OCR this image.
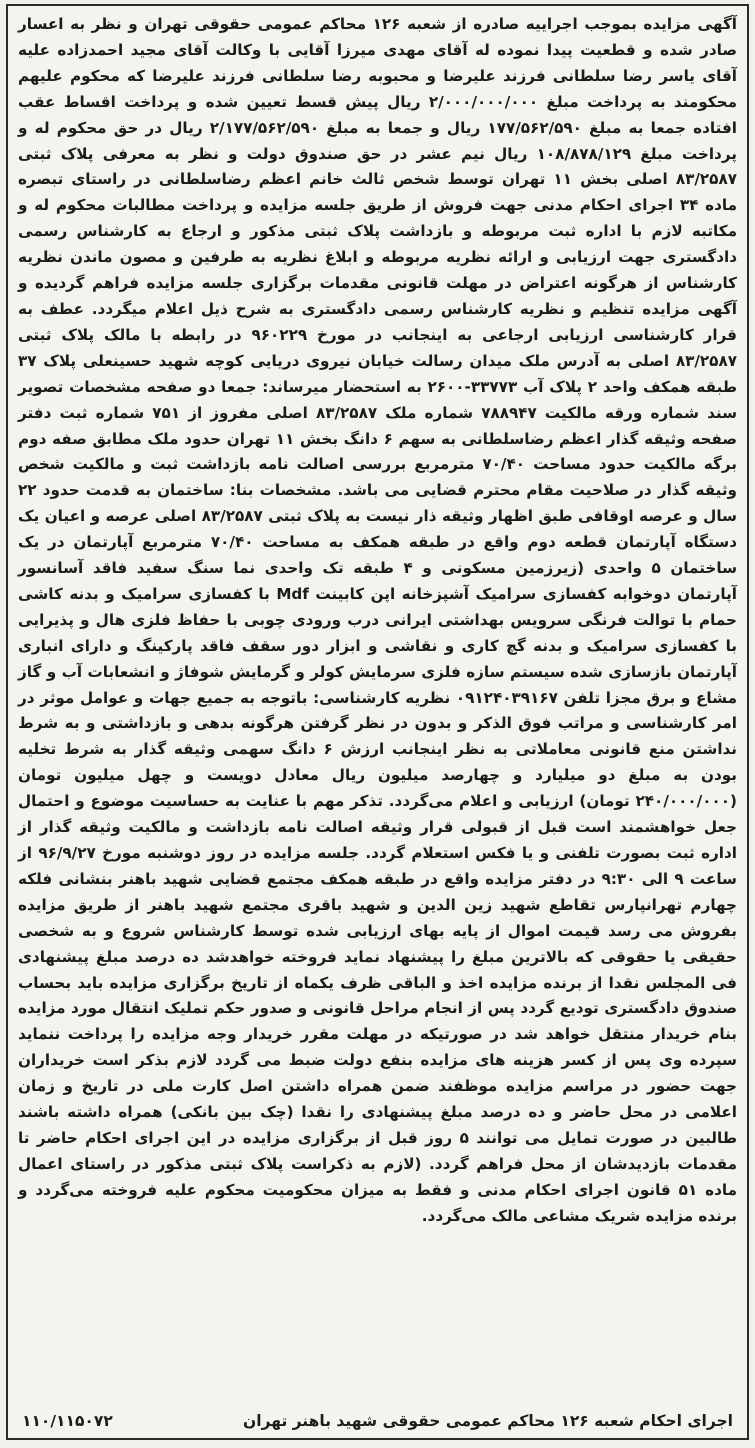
آگهی مزایده بموجب اجراییه صادره از شعبه ۱۲۶ محاکم عمومی حقوقی تهران و نظر به اعسار صادر شده و قطعیت پیدا نموده له آقای مهدی میرزا آقایی با وکالت آقای مجید احمدزاده علیه آقای یاسر رضا سلطانی فرزند علیرضا و محبوبه رضا سلطانی فرزند علیرضا که محکوم علیهم محکومند به پرداخت مبلغ ۲/۰۰۰/۰۰۰/۰۰۰ ریال پیش قسط تعیین شده و پرداخت اقساط عقب افتاده جمعا به مبلغ ۱۷۷/۵۶۲/۵۹۰ ریال و جمعا به مبلغ ۲/۱۷۷/۵۶۲/۵۹۰ ریال در حق محکوم له و پرداخت مبلغ ۱۰۸/۸۷۸/۱۲۹ ریال نیم عشر در حق صندوق دولت و نظر به معرفی پلاک ثبتی ۸۳/۲۵۸۷ اصلی بخش ۱۱ تهران توسط شخص ثالث خانم اعظم رضاسلطانی در راستای تبصره ماده ۳۴ اجرای احکام مدنی جهت فروش از طریق جلسه مزایده و پرداخت مطالبات محکوم له و مکاتبه لازم با اداره ثبت مربوطه و بازداشت پلاک ثبتی مذکور و ارجاع به کارشناس رسمی دادگستری جهت ارزیابی و ارائه نظریه مربوطه و ابلاغ نظریه به طرفین و مصون ماندن نظریه کارشناس از هرگونه اعتراض در مهلت قانونی مقدمات برگزاری جلسه مزایده فراهم گردیده و آگهی مزایده تنظیم و نظریه کارشناس رسمی دادگستری به شرح ذیل اعلام میگردد. عطف به قرار کارشناسی ارزیابی ارجاعی به اینجانب در مورخ ۹۶۰۲۲۹ در رابطه با مالک پلاک ثبتی ۸۳/۲۵۸۷ اصلی به آدرس ملک میدان رسالت خیابان نیروی دریایی کوچه شهید حسینعلی پلاک ۳۷ طبقه همکف واحد ۲ پلاک آب ۳۳۷۷۳-۲۶۰۰ به استحضار میرساند: جمعا دو صفحه مشخصات تصویر سند شماره ورقه مالکیت ۷۸۸۹۴۷ شماره ملک ۸۳/۲۵۸۷ اصلی مفروز از ۷۵۱ شماره ثبت دفتر صفحه وثیقه گذار اعظم رضاسلطانی به سهم ۶ دانگ بخش ۱۱ تهران حدود ملک مطابق صفه دوم برگه مالکیت حدود مساحت ۷۰/۴۰ مترمربع بررسی اصالت نامه بازداشت ثبت و مالکیت شخص وثیقه گذار در صلاحیت مقام محترم قضایی می باشد. مشخصات بنا: ساختمان به قدمت حدود ۲۲ سال و عرصه اوقافی طبق اظهار وثیقه ذار نیست به پلاک ثبتی ۸۳/۲۵۸۷ اصلی عرصه و اعیان یک دستگاه آپارتمان قطعه دوم واقع در طبقه همکف به مساحت ۷۰/۴۰ مترمربع آپارتمان در یک ساختمان ۵ واحدی (زیرزمین مسکونی و ۴ طبقه تک واحدی نما سنگ سفید فاقد آسانسور آپارتمان دوخوابه کفسازی سرامیک آشپزخانه اپن کابینت Mdf با کفسازی سرامیک و بدنه کاشی حمام با توالت فرنگی سرویس بهداشتی ایرانی درب ورودی چوبی با حفاظ فلزی هال و پذیرایی با کفسازی سرامیک و بدنه گچ کاری و نقاشی و ابزار دور سقف فاقد پارکینگ و دارای انباری آپارتمان بازسازی شده سیستم سازه فلزی سرمایش کولر و گرمایش شوفاژ و انشعابات آب و گاز مشاع و برق مجزا تلفن ۰۹۱۲۴۰۳۹۱۶۷ نظریه کارشناسی: باتوجه به جمیع جهات و عوامل موثر در امر کارشناسی و مراتب فوق الذکر و بدون در نظر گرفتن هرگونه بدهی و بازداشتی و به شرط نداشتن منع قانونی معاملاتی به نظر اینجانب ارزش ۶ دانگ سهمی وثیقه گذار به شرط تخلیه بودن به مبلغ دو میلیارد و چهارصد میلیون ریال معادل دویست و چهل میلیون تومان (۲۴۰/۰۰۰/۰۰۰ تومان) ارزیابی و اعلام می‌گردد. تذکر مهم با عنایت به حساسیت موضوع و احتمال جعل خواهشمند است قبل از قبولی قرار وثیقه اصالت نامه بازداشت و مالکیت وثیقه گذار از اداره ثبت بصورت تلفنی و یا فکس استعلام گردد. جلسه مزایده در روز دوشنبه مورخ ۹۶/۹/۲۷ از ساعت ۹ الی ۹:۳۰ در دفتر مزایده واقع در طبقه همکف مجتمع قضایی شهید باهنر بنشانی فلکه چهارم تهرانپارس تقاطع شهید زین الدین و شهید باقری مجتمع شهید باهنر از طریق مزایده بفروش می رسد قیمت اموال از پایه بهای ارزیابی شده توسط کارشناس شروع و به شخصی حقیقی یا حقوقی که بالاترین مبلغ را پیشنهاد نماید فروخته خواهدشد ده درصد مبلغ پیشنهادی فی المجلس نقدا از برنده مزایده اخذ و الباقی ظرف یکماه از تاریخ برگزاری مزایده باید بحساب صندوق دادگستری توديع گردد پس از انجام مراحل قانونی و صدور حکم تملیک انتقال مورد مزایده بنام خریدار منتقل خواهد شد در صورتیکه در مهلت مقرر خریدار وجه مزایده را پرداخت ننماید سپرده وی پس از کسر هزینه های مزایده بنفع دولت ضبط می گردد لازم بذکر است خریداران جهت حضور در مراسم مزایده موظفند ضمن همراه داشتن اصل کارت ملی در تاریخ و زمان اعلامی در محل حاضر و ده درصد مبلغ پیشنهادی را نقدا (چک بین بانکی) همراه داشته باشند طالبین در صورت تمایل می توانند ۵ روز قبل از برگزاری مزایده در این اجرای احکام حاضر تا مقدمات بازدیدشان از محل فراهم گردد. (لازم به ذکراست پلاک ثبتی مذکور در راستای اعمال ماده ۵۱ قانون اجرای احکام مدنی و فقط به میزان محکومیت محکوم علیه فروخته می‌گردد و برنده مزایده شریک مشاعی مالک می‌گردد.

اجرای احکام شعبه ۱۲۶ محاکم عمومی حقوقی شهید باهنر تهران
۱۱۰/۱۱۵۰۷۲
